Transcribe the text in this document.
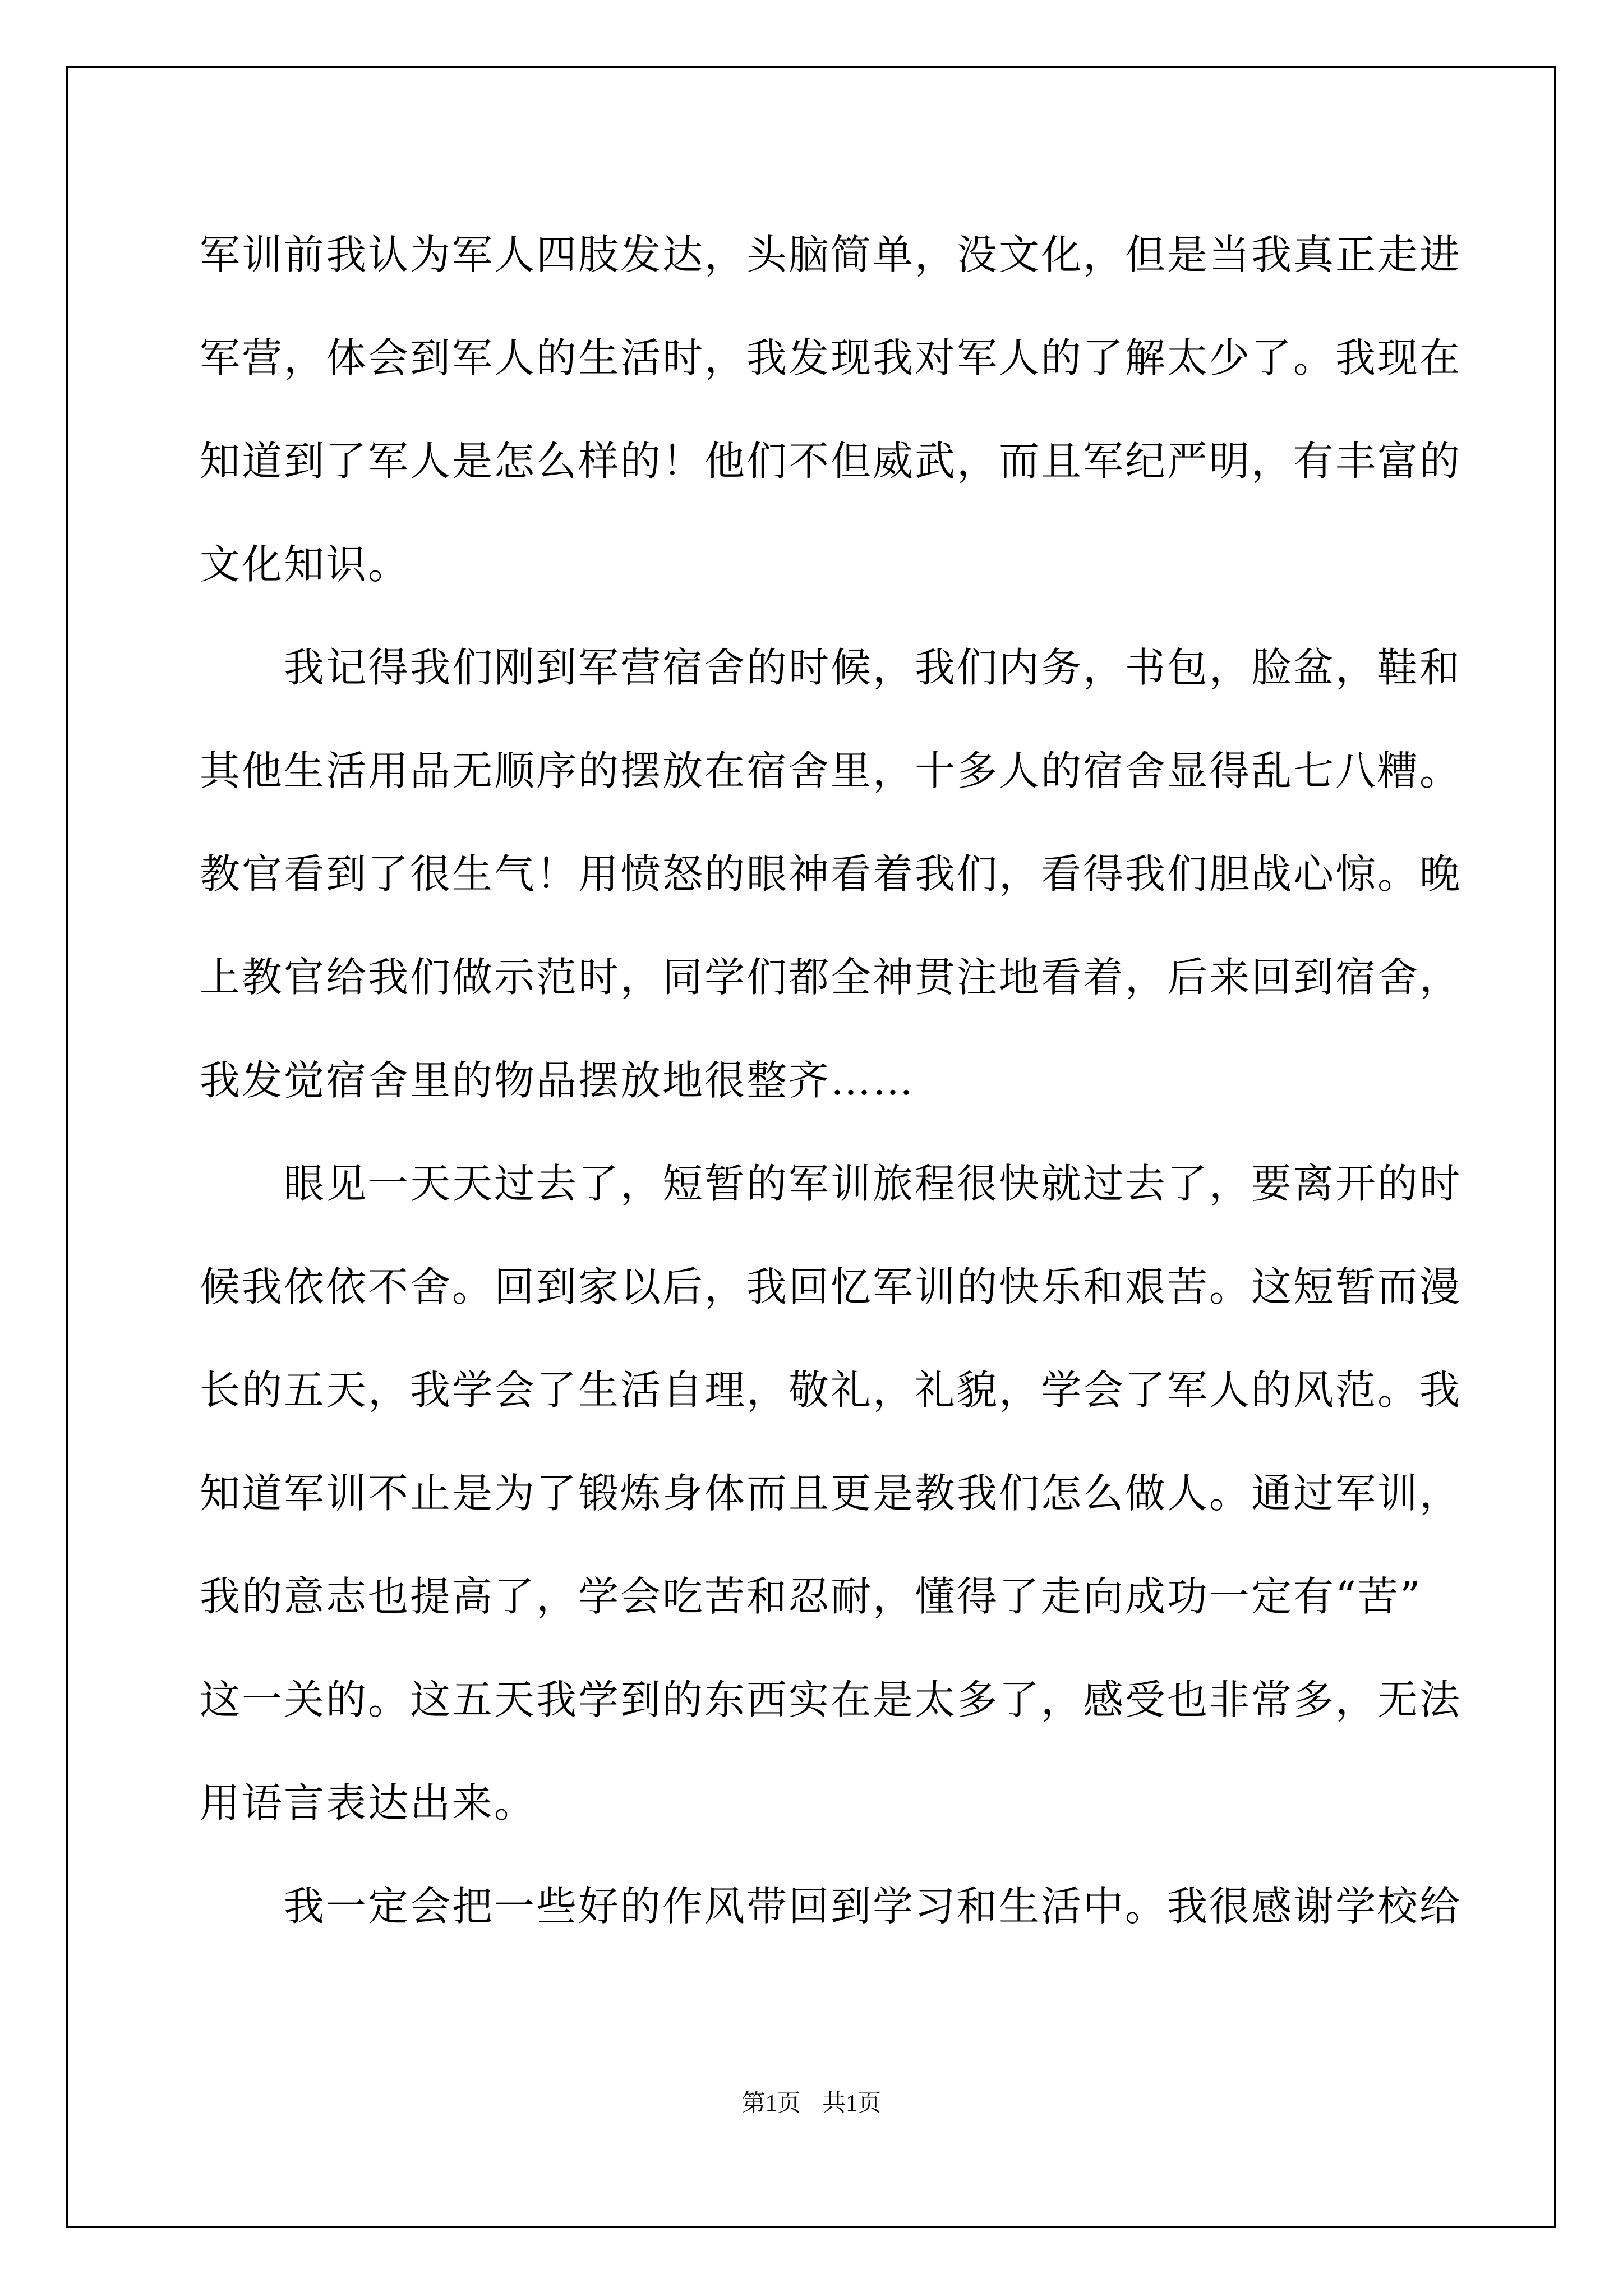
军训前我认为军人四肢发达，头脑简单，没文化，但是当我真正走进
军营，体会到军人的生活时，我发现我对军人的了解太少了。我现在
知道到了军人是怎么样的！他们不但威武，而且军纪严明，有丰富的
文化知识。
　　我记得我们刚到军营宿舍的时候，我们内务，书包，脸盆，鞋和
其他生活用品无顺序的摆放在宿舍里，十多人的宿舍显得乱七八糟。
教官看到了很生气！用愤怒的眼神看着我们，看得我们胆战心惊。晚
上教官给我们做示范时，同学们都全神贯注地看着，后来回到宿舍，
我发觉宿舍里的物品摆放地很整齐……
　　眼见一天天过去了，短暂的军训旅程很快就过去了，要离开的时
候我依依不舍。回到家以后，我回忆军训的快乐和艰苦。这短暂而漫
长的五天，我学会了生活自理，敬礼，礼貌，学会了军人的风范。我
知道军训不止是为了锻炼身体而且更是教我们怎么做人。通过军训，
我的意志也提高了，学会吃苦和忍耐，懂得了走向成功一定有“苦”
这一关的。这五天我学到的东西实在是太多了，感受也非常多，无法
用语言表达出来。
　　我一定会把一些好的作风带回到学习和生活中。我很感谢学校给
第1页 共1页
